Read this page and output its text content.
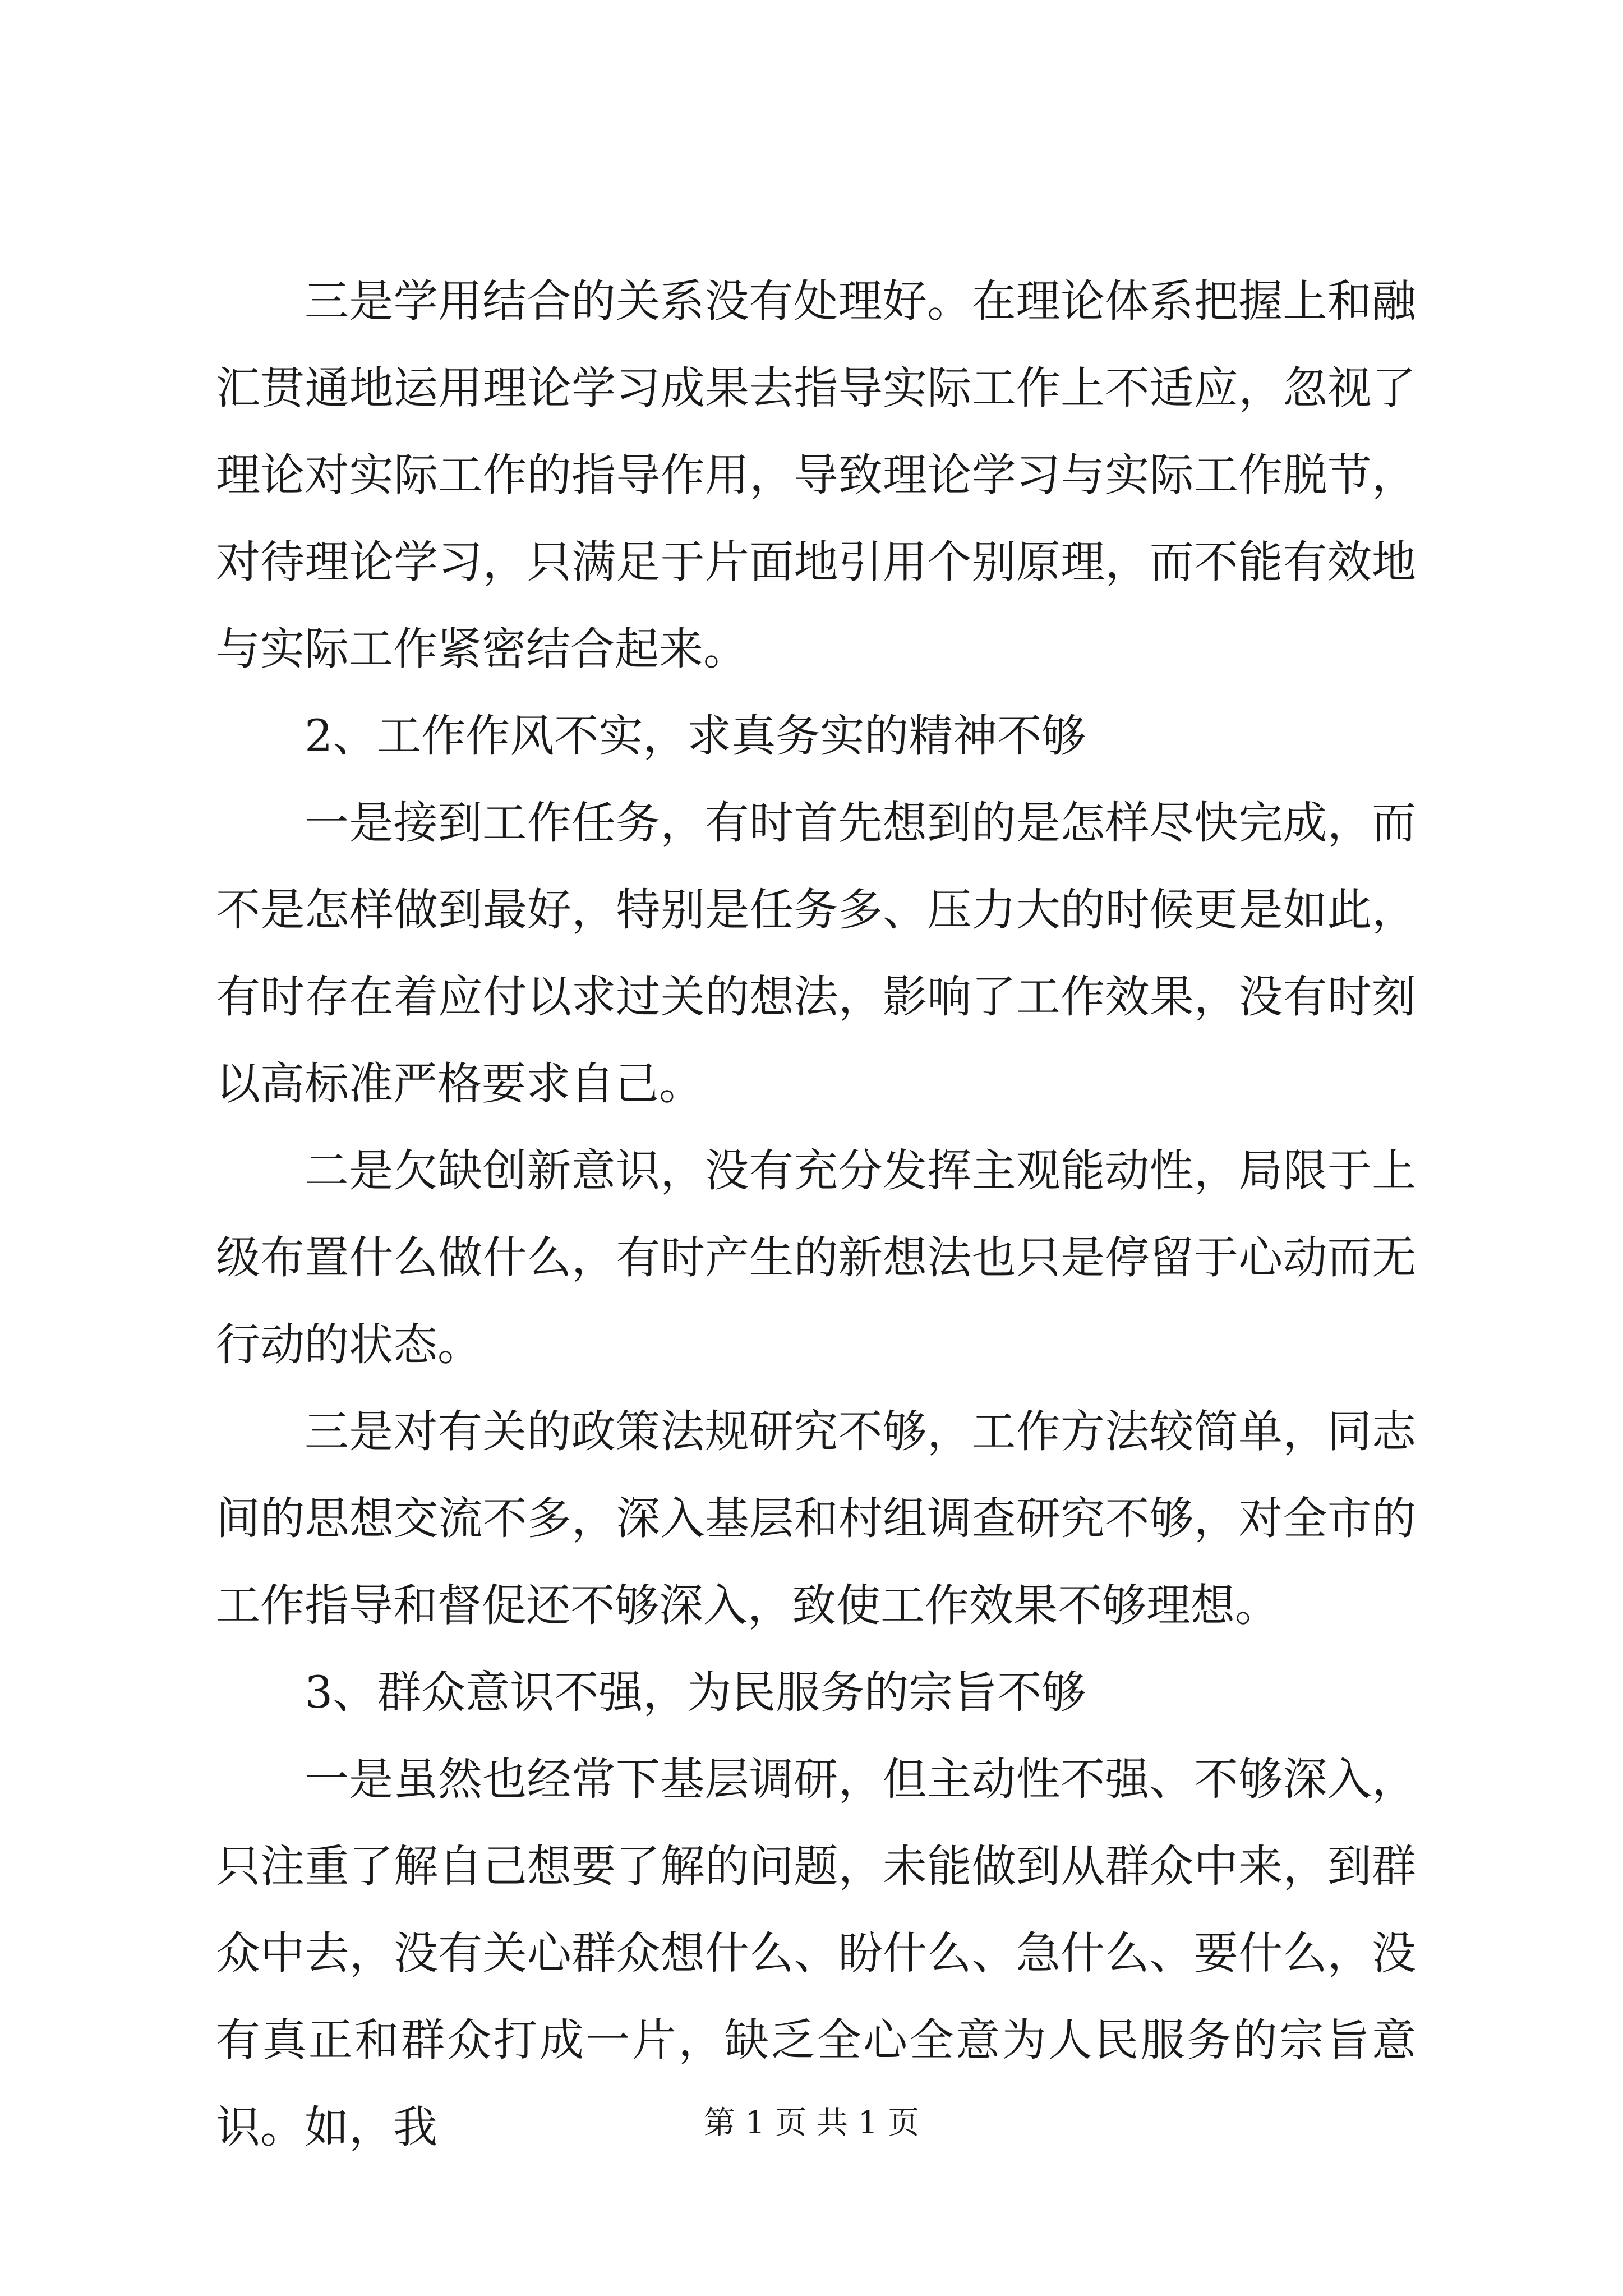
三是学用结合的关系没有处理好。在理论体系把握上和融汇贯通地运用理论学习成果去指导实际工作上不适应，忽视了理论对实际工作的指导作用，导致理论学习与实际工作脱节，对待理论学习，只满足于片面地引用个别原理，而不能有效地与实际工作紧密结合起来。

2、工作作风不实，求真务实的精神不够

一是接到工作任务，有时首先想到的是怎样尽快完成，而不是怎样做到最好，特别是任务多、压力大的时候更是如此，有时存在着应付以求过关的想法，影响了工作效果，没有时刻以高标准严格要求自己。

二是欠缺创新意识，没有充分发挥主观能动性，局限于上级布置什么做什么，有时产生的新想法也只是停留于心动而无行动的状态。

三是对有关的政策法规研究不够，工作方法较简单，同志间的思想交流不多，深入基层和村组调查研究不够，对全市的工作指导和督促还不够深入，致使工作效果不够理想。

3、群众意识不强，为民服务的宗旨不够

一是虽然也经常下基层调研，但主动性不强、不够深入，只注重了解自己想要了解的问题，未能做到从群众中来，到群众中去，没有关心群众想什么、盼什么、急什么、要什么，没有真正和群众打成一片，缺乏全心全意为人民服务的宗旨意识。如，我	第 1 页 共 1 页
